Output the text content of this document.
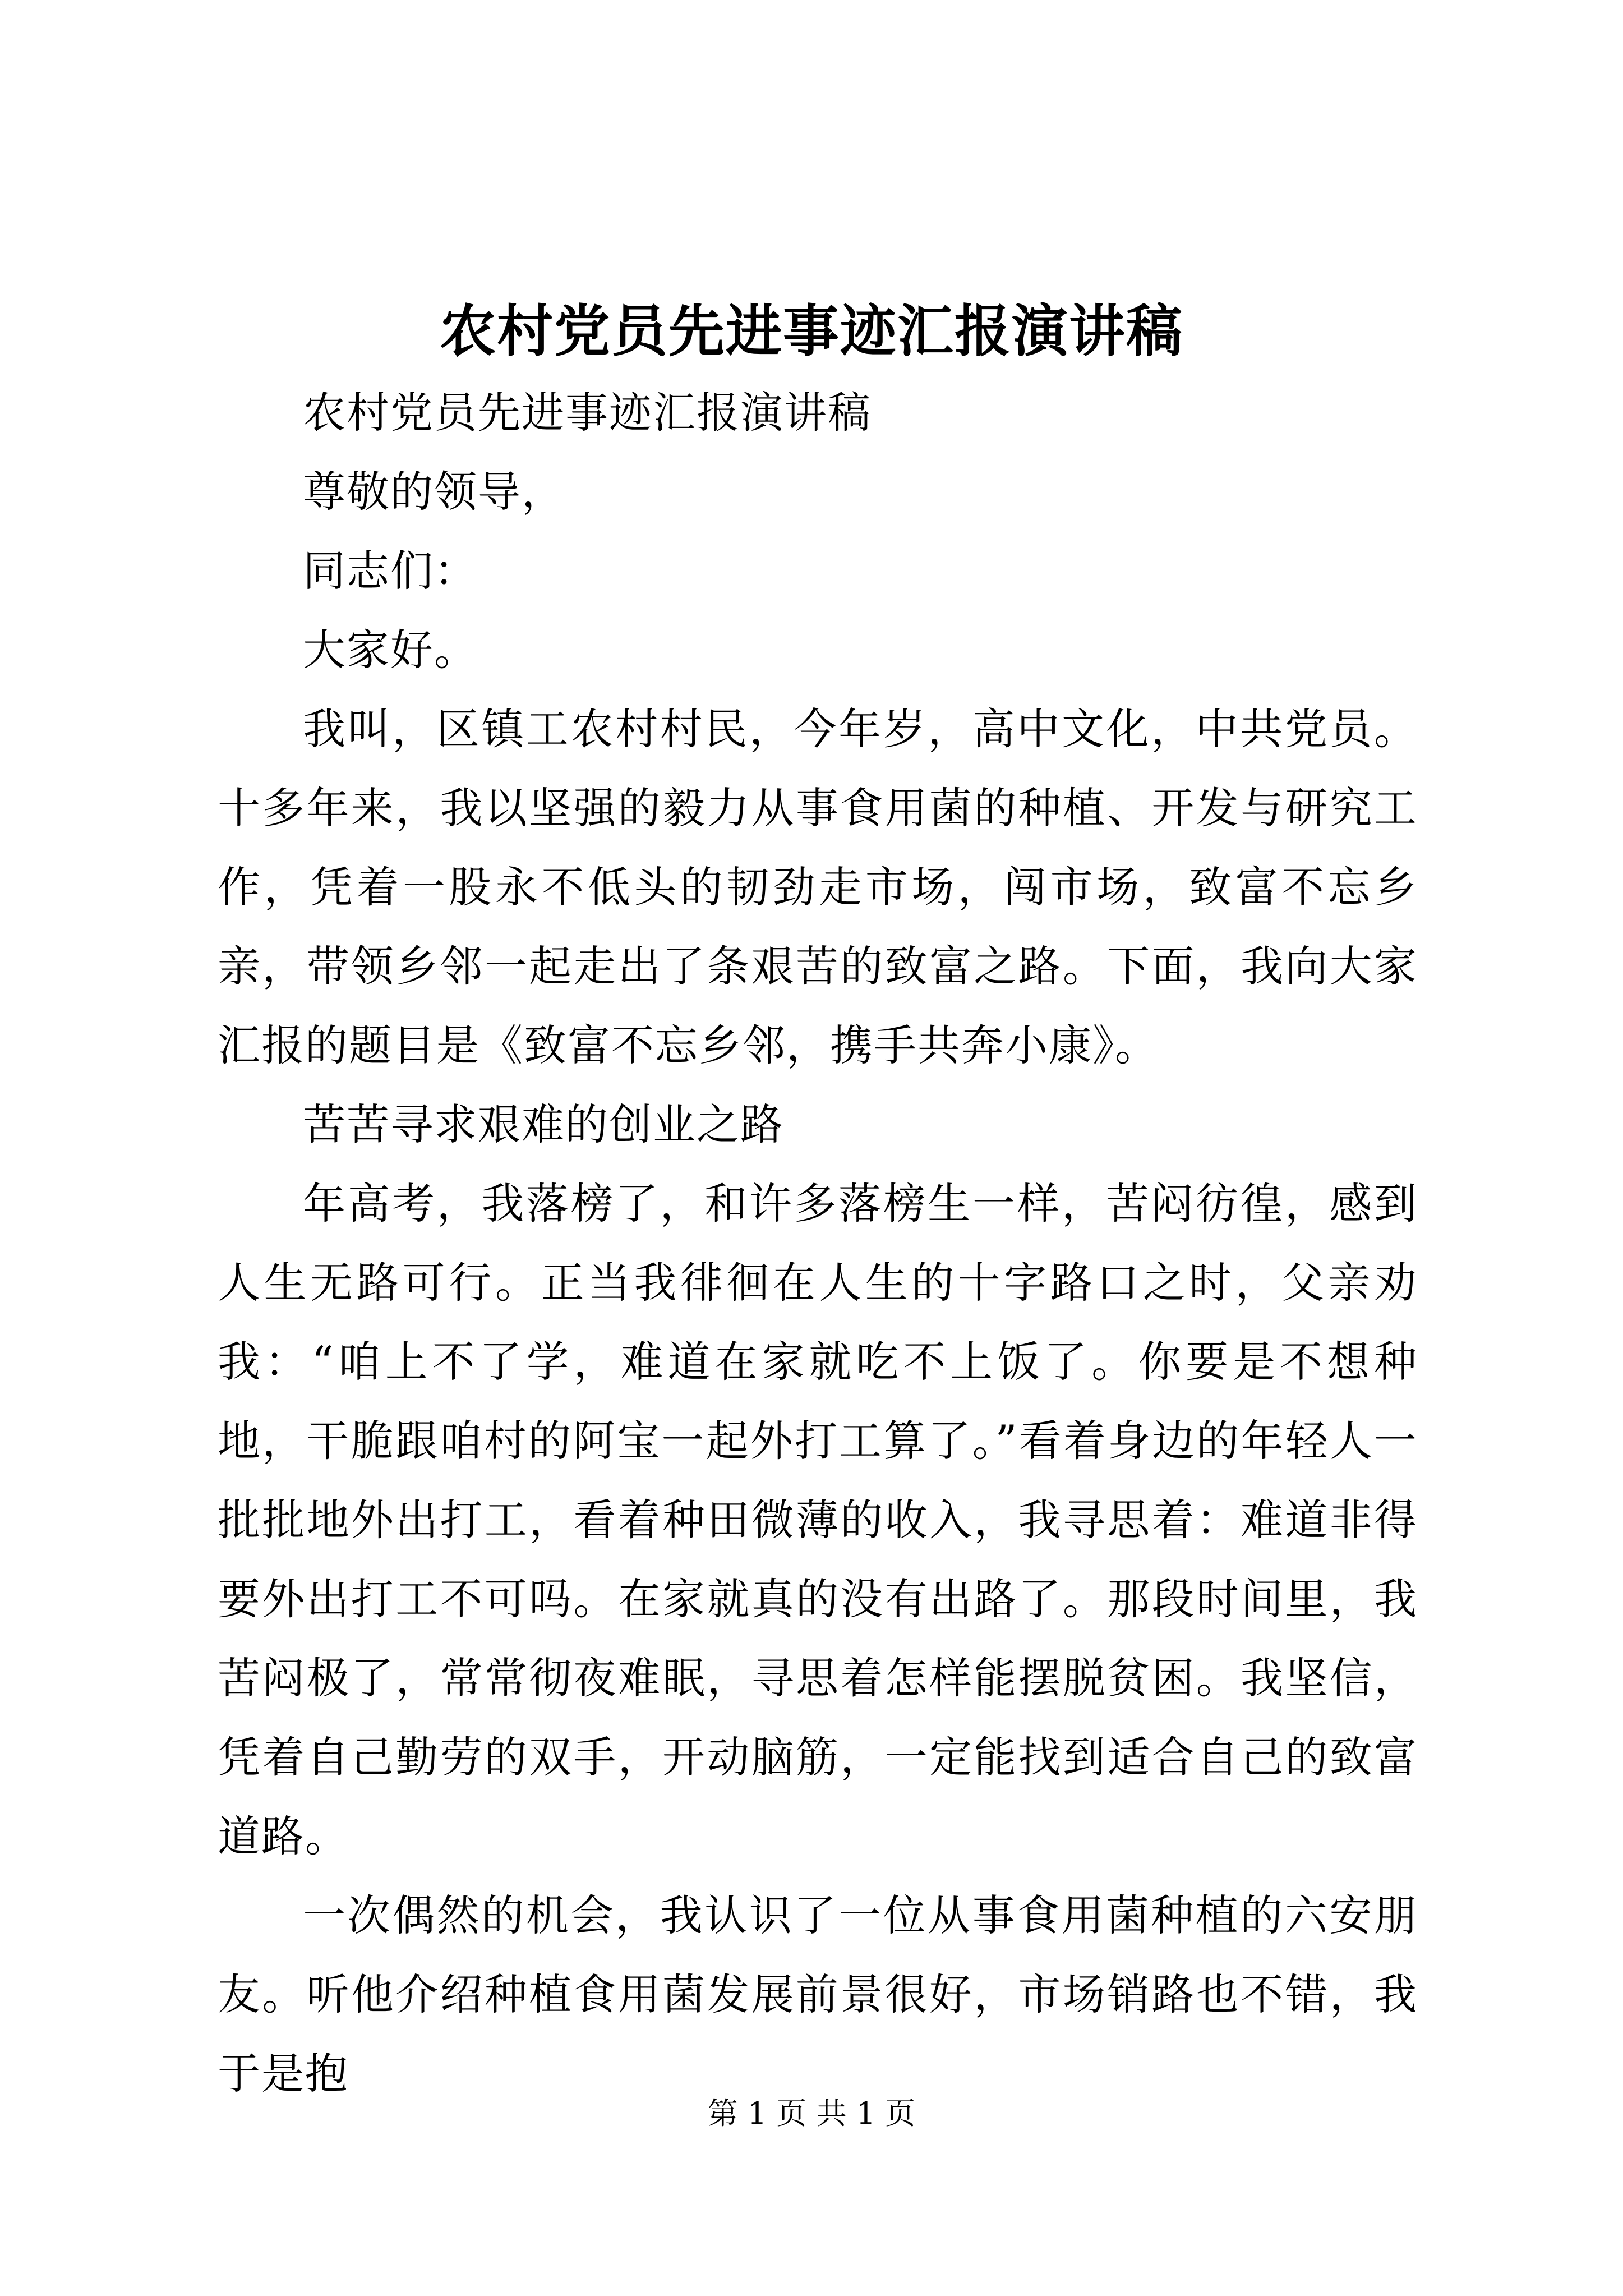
农村党员先进事迹汇报演讲稿

农村党员先进事迹汇报演讲稿

尊敬的领导，

同志们：

大家好。

我叫，区镇工农村村民，今年岁，高中文化，中共党员。十多年来，我以坚强的毅力从事食用菌的种植、开发与研究工作，凭着一股永不低头的韧劲走市场，闯市场，致富不忘乡亲，带领乡邻一起走出了条艰苦的致富之路。下面，我向大家汇报的题目是《致富不忘乡邻，携手共奔小康》。

苦苦寻求艰难的创业之路

年高考，我落榜了，和许多落榜生一样，苦闷彷徨，感到人生无路可行。正当我徘徊在人生的十字路口之时，父亲劝我：“咱上不了学，难道在家就吃不上饭了。你要是不想种地，干脆跟咱村的阿宝一起外打工算了。”看着身边的年轻人一批批地外出打工，看着种田微薄的收入，我寻思着：难道非得要外出打工不可吗。在家就真的没有出路了。那段时间里，我苦闷极了，常常彻夜难眠，寻思着怎样能摆脱贫困。我坚信，凭着自己勤劳的双手，开动脑筋，一定能找到适合自己的致富道路。

一次偶然的机会，我认识了一位从事食用菌种植的六安朋友。听他介绍种植食用菌发展前景很好，市场销路也不错，我于是抱

第 1 页 共 1 页
